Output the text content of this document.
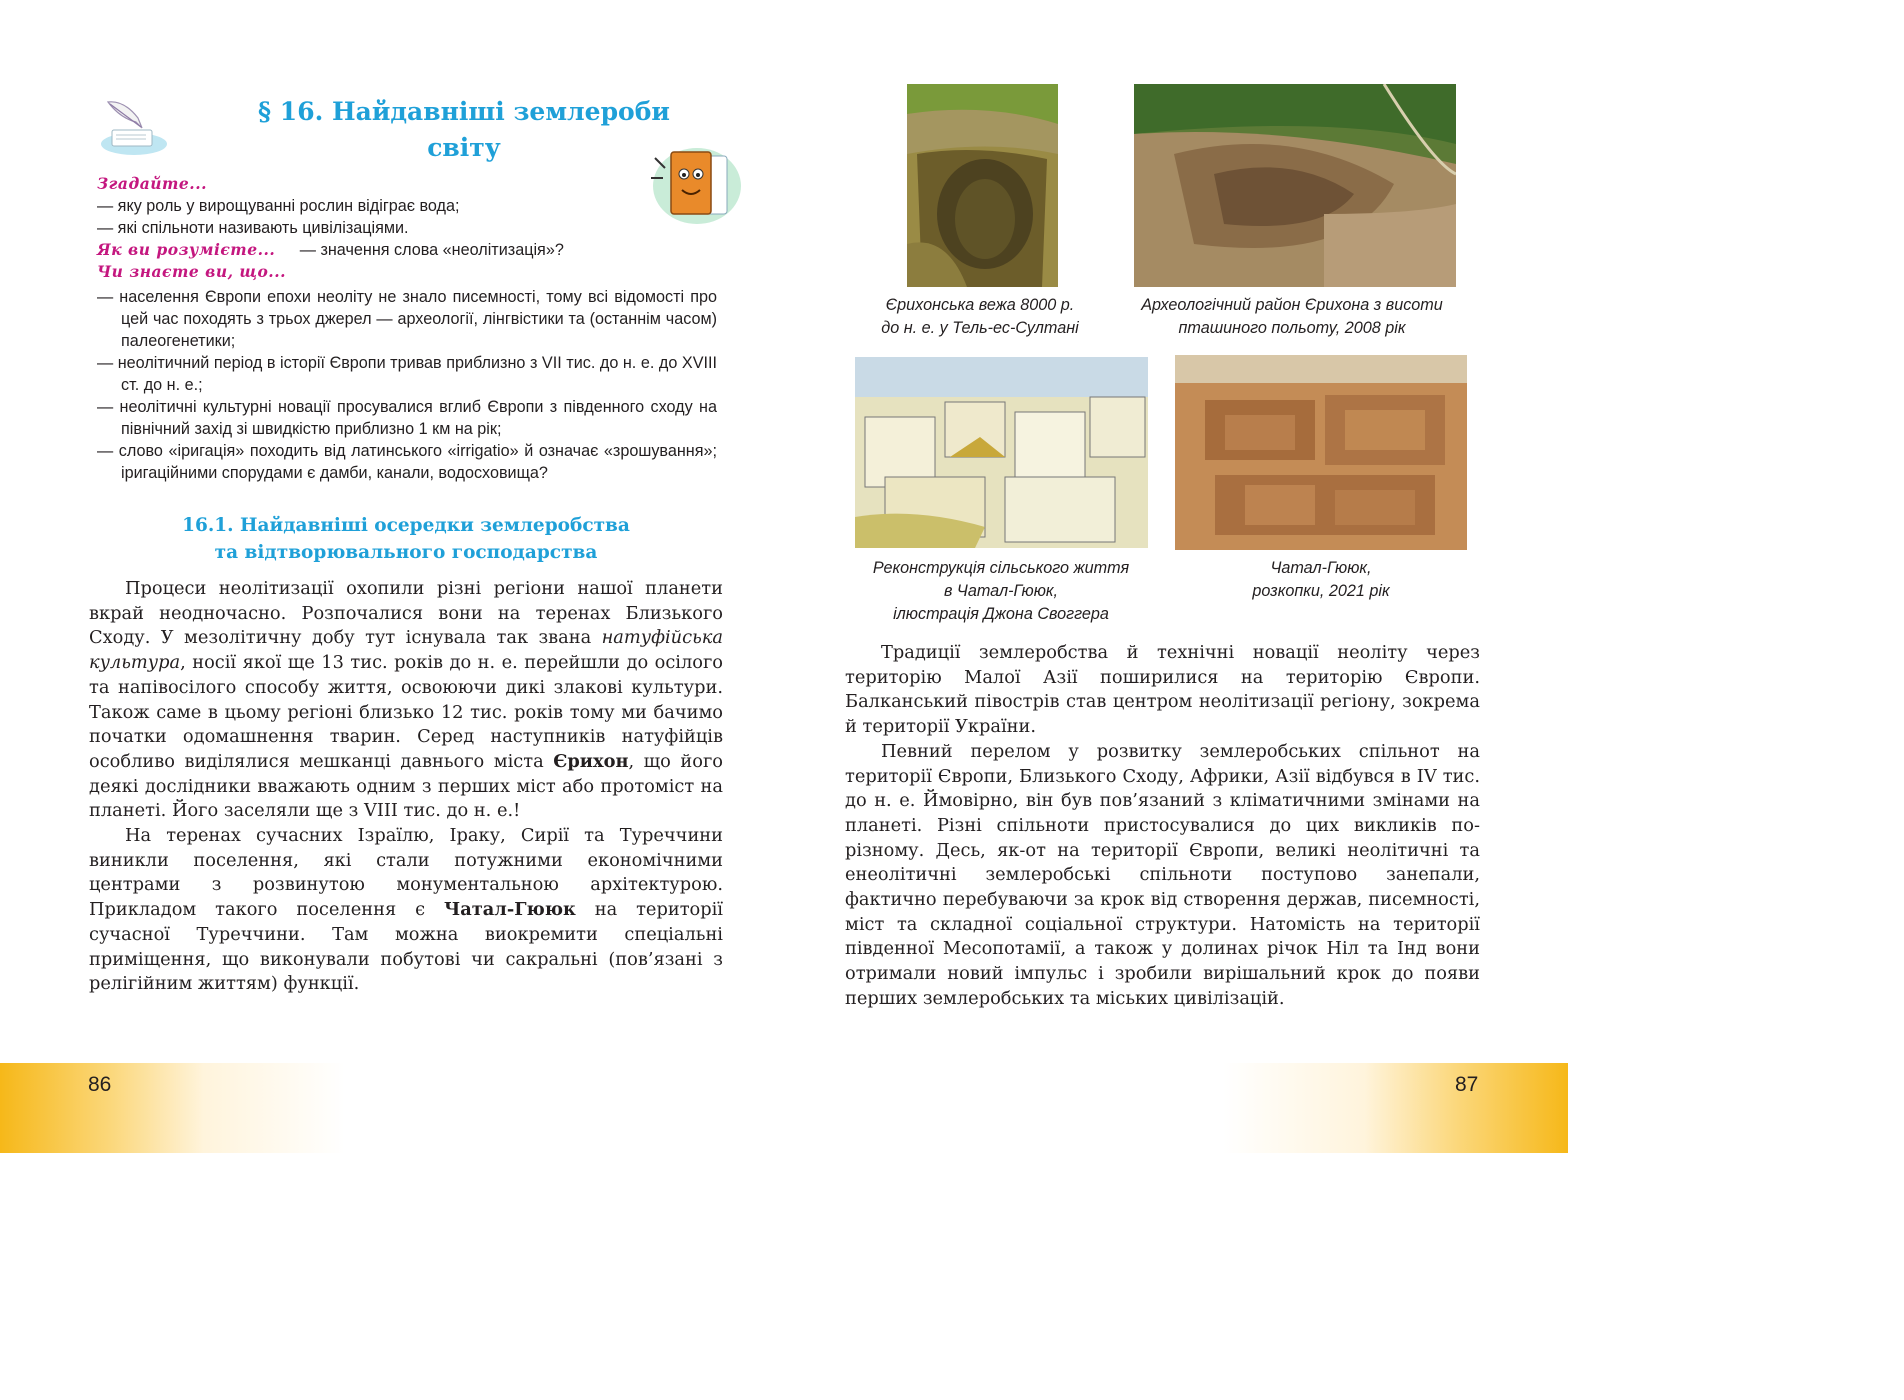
86	87
§ 16. Найдавніші землероби
світу
Згадайте...
— яку роль у вирощуванні рослин відіграє вода;
— які спільноти називають цивілізаціями.
Як ви розумієте... — значення слова «неолітизація»?
Чи знаєте ви, що...
— населення Європи епохи неоліту не знало писемності, тому всі відомості про цей час походять з трьох джерел — археології, лінгвістики та (останнім часом) палеогенетики;
— неолітичний період в історії Європи тривав приблизно з VII тис. до н. е. до XVIII ст. до н. е.;
— неолітичні культурні новації просувалися вглиб Європи з південного сходу на північний захід зі швидкістю приблизно 1 км на рік;
— слово «іригація» походить від латинського «irrigatio» й означає «зрошування»; іригаційними спорудами є дамби, канали, водосховища?
16.1. Найдавніші осередки землеробства
та відтворювального господарства

Процеси неолітизації охопили різні регіони нашої планети вкрай неодночасно. Розпочалися вони на теренах Близького Сходу. У мезолітичну добу тут існувала так звана натуфійська культура, носії якої ще 13 тис. років до н. е. перейшли до осілого та напівосілого способу життя, освоюючи дикі злакові культури. Також саме в цьому регіоні близько 12 тис. років тому ми бачимо початки одомашнення тварин. Серед наступників натуфійців особливо виділялися мешканці давнього міста Єрихон, що його деякі дослідники вважають одним з перших міст або протоміст на планеті. Його заселяли ще з VIII тис. до н. е.!

На теренах сучасних Ізраїлю, Іраку, Сирії та Туреччини виникли поселення, які стали потужними економічними центрами з розвинутою монументальною архітектурою. Прикладом такого поселення є Чатал-Гююк на території сучасної Туреччини. Там можна виокремити спеціальні приміщення, що виконували побутові чи сакральні (пов’язані з релігійним життям) функції.

Єрихонська вежа 8000 р.
до н. е. у Тель-ес-Султані
Археологічний район Єрихона з висоти
пташиного польоту, 2008 рік
Реконструкція сільського життя
в Чатал-Гююк,
ілюстрація Джона Своггера
Чатал-Гююк,
розкопки, 2021 рік

Традиції землеробства й технічні новації неоліту через територію Малої Азії поширилися на територію Європи. Балканський півострів став центром неолітизації регіону, зокрема й території України.

Певний перелом у розвитку землеробських спільнот на території Європи, Близького Сходу, Африки, Азії відбувся в IV тис. до н. е. Ймовірно, він був пов’язаний з кліматичними змінами на планеті. Різні спільноти пристосувалися до цих викликів по-різному. Десь, як-от на території Європи, великі неолітичні та енеолітичні землеробські спільноти поступово занепали, фактично перебуваючи за крок від створення держав, писемності, міст та складної соціальної структури. Натомість на території південної Месопотамії, а також у долинах річок Ніл та Інд вони отримали новий імпульс і зробили вирішальний крок до появи перших землеробських та міських цивілізацій.
